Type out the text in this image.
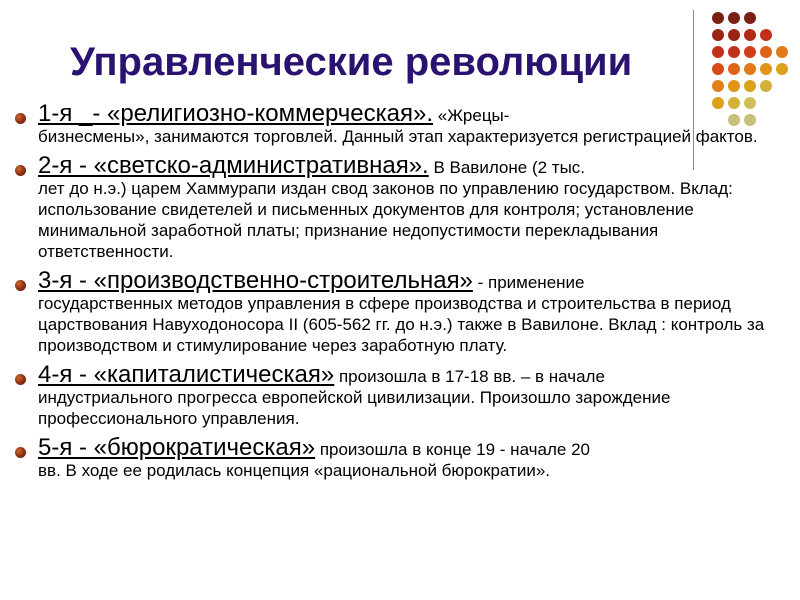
Управленческие революции

1-я _- «религиозно-коммерческая». «Жрецы-

бизнесмены», занимаются торговлей. Данный этап характеризуется регистрацией фактов.

2-я - «светско-административная». В Вавилоне (2 тыс.

лет до н.э.) царем Хаммурапи издан свод законов по управлению государством. Вклад: использование свидетелей и письменных документов для контроля; установление минимальной заработной платы; признание недопустимости перекладывания ответственности.

3-я - «производственно-строительная» - применение

государственных методов управления в сфере производства и строительства в период царствования Навуходоносора II (605-562 гг. до н.э.) также в Вавилоне. Вклад : контроль за производством и стимулирование через заработную плату.

4-я - «капиталистическая» произошла в 17-18 вв. – в начале

индустриального прогресса европейской цивилизации. Произошло зарождение профессионального управления.

5-я - «бюрократическая» произошла в конце 19 - начале 20

вв. В ходе ее родилась концепция «рациональной бюрократии».
